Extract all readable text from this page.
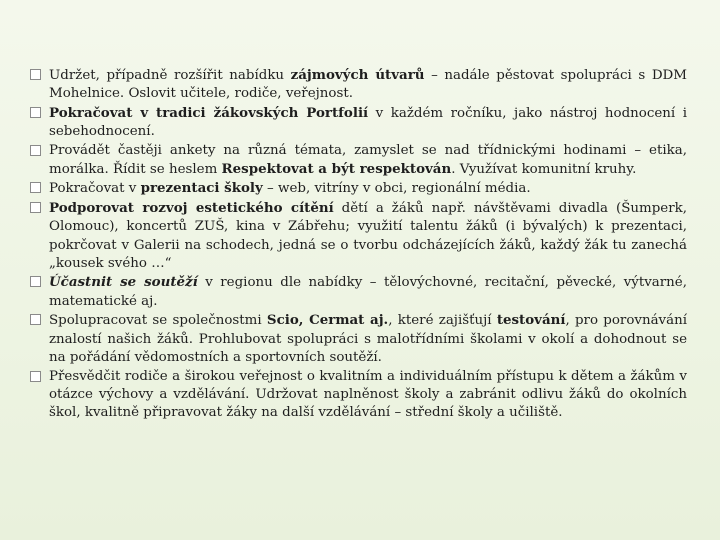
Udržet, případně rozšířit nabídku zájmových útvarů – nadále pěstovat spolupráci s DDM Mohelnice. Oslovit učitele, rodiče, veřejnost.

Pokračovat v tradici žákovských Portfolií v každém ročníku, jako nástroj hodnocení i sebehodnocení.

Provádět častěji ankety na různá témata, zamyslet se nad třídnickými hodinami – etika, morálka. Řídit se heslem Respektovat a být respektován. Využívat komunitní kruhy.

Pokračovat v prezentaci školy – web, vitríny v obci, regionální média.

Podporovat rozvoj estetického cítění dětí a žáků např. návštěvami divadla (Šumperk, Olomouc), koncertů ZUŠ, kina v Zábřehu; využití talentu žáků (i bývalých) k prezentaci, pokrčovat v Galerii na schodech, jedná se o tvorbu odcházejících žáků, každý žák tu zanechá „kousek svého …“

Účastnit se soutěží v regionu dle nabídky – tělovýchovné, recitační, pěvecké, výtvarné, matematické aj.

Spolupracovat se společnostmi Scio, Cermat aj., které zajišťují testování, pro porovnávání znalostí našich žáků. Prohlubovat spolupráci s malotřídními školami v okolí a dohodnout se na pořádání vědomostních a sportovních soutěží.

Přesvědčit rodiče a širokou veřejnost o kvalitním a individuálním přístupu k dětem a žákům v otázce výchovy a vzdělávání. Udržovat naplněnost školy a zabránit odlivu žáků do okolních škol, kvalitně připravovat žáky na další vzdělávání – střední školy a učiliště.
